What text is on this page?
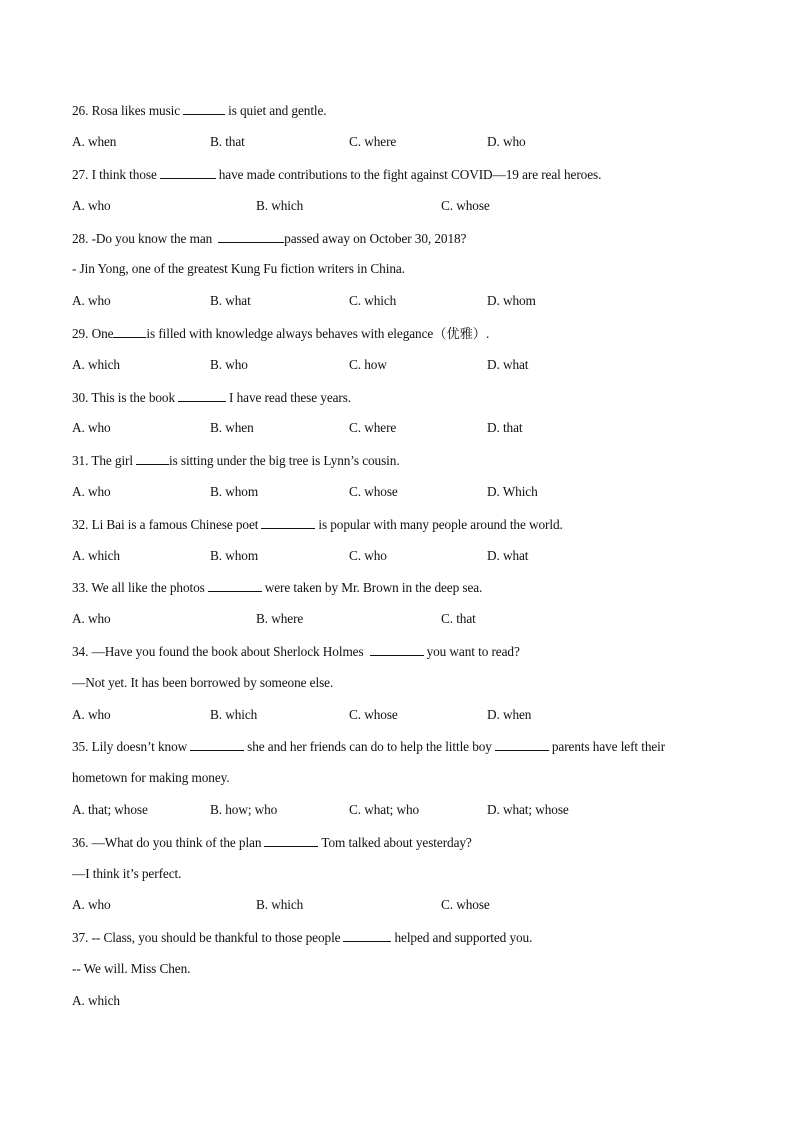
26. Rosa likes music	is quiet and gentle.
A. when	B. that	C. where	D. who
27. I think those	have made contributions to the fight against COVID—19 are real heroes.
A. who	B. which	C. whose
28. -Do you know the man	passed away on October 30, 2018?
- Jin Yong, one of the greatest Kung Fu fiction writers in China.
A. who	B. what	C. which	D. whom
29. One is filled with knowledge always behaves with elegance（优雅）.
A. which	B. who	C. how	D. what
30. This is the book	I have read these years.
A. who	B. when	C. where	D. that
31. The girl	is sitting under the big tree is Lynn’s cousin.
A. who	B. whom	C. whose	D. Which
32. Li Bai is a famous Chinese poet	is popular with many people around the world.
A. which	B. whom	C. who	D. what
33. We all like the photos	were taken by Mr. Brown in the deep sea.
A. who	B. where	C. that
34. —Have you found the book about Sherlock Holmes	you want to read?
—Not yet. It has been borrowed by someone else.
A. who	B. which	C. whose	D. when
35. Lily doesn’t know	she and her friends can do to help the little boy	parents have left their
hometown for making money.
A. that; whose	B. how; who	C. what; who	D. what; whose
36. —What do you think of the plan	Tom talked about yesterday?
—I think it’s perfect.
A. who	B. which	C. whose
37. -- Class, you should be thankful to those people	helped and supported you.
-- We will. Miss Chen.
A. which
